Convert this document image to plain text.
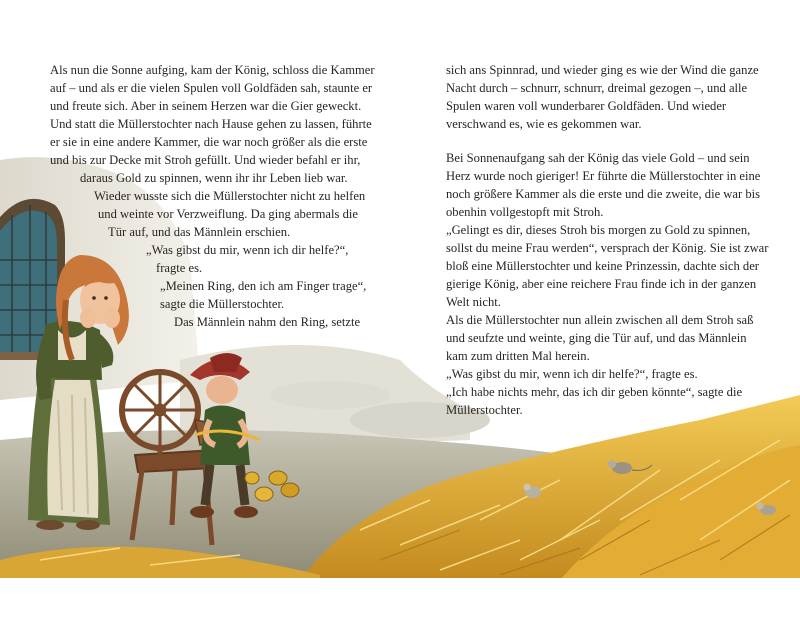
Als nun die Sonne aufging, kam der König, schloss die Kammer
auf – und als er die vielen Spulen voll Goldfäden sah, staunte er
und freute sich. Aber in seinem Herzen war die Gier geweckt.
Und statt die Müllerstochter nach Hause gehen zu lassen, führte
er sie in eine andere Kammer, die war noch größer als die erste
und bis zur Decke mit Stroh gefüllt. Und wieder befahl er ihr,
daraus Gold zu spinnen, wenn ihr ihr Leben lieb war.
Wieder wusste sich die Müllerstochter nicht zu helfen
und weinte vor Verzweiflung. Da ging abermals die
Tür auf, und das Männlein erschien.
„Was gibst du mir, wenn ich dir helfe?“,
fragte es.
„Meinen Ring, den ich am Finger trage“,
sagte die Müllerstochter.
Das Männlein nahm den Ring, setzte
sich ans Spinnrad, und wieder ging es wie der Wind die ganze
Nacht durch – schnurr, schnurr, dreimal gezogen –, und alle
Spulen waren voll wunderbarer Goldfäden. Und wieder
verschwand es, wie es gekommen war.
Bei Sonnenaufgang sah der König das viele Gold – und sein
Herz wurde noch gieriger! Er führte die Müllerstochter in eine
noch größere Kammer als die erste und die zweite, die war bis
obenhin vollgestopft mit Stroh.
„Gelingt es dir, dieses Stroh bis morgen zu Gold zu spinnen,
sollst du meine Frau werden“, versprach der König. Sie ist zwar
bloß eine Müllerstochter und keine Prinzessin, dachte sich der
gierige König, aber eine reichere Frau finde ich in der ganzen
Welt nicht.
Als die Müllerstochter nun allein zwischen all dem Stroh saß
und seufzte und weinte, ging die Tür auf, und das Männlein
kam zum dritten Mal herein.
„Was gibst du mir, wenn ich dir helfe?“, fragte es.
„Ich habe nichts mehr, das ich dir geben könnte“, sagte die
Müllerstochter.
